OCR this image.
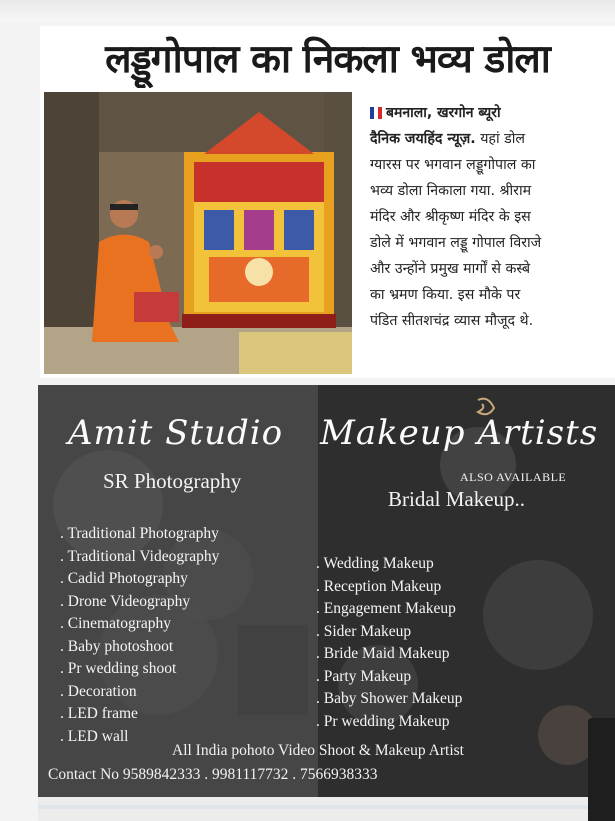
लड्डूगोपाल का निकला भव्य डोला
बमनाला, खरगोन ब्यूरो
दैनिक जयहिंद न्यूज़. यहां डोल
ग्यारस पर भगवान लड्डूगोपाल का
भव्य डोला निकाला गया. श्रीराम
मंदिर और श्रीकृष्ण मंदिर के इस
डोले में भगवान लड्डू गोपाल विराजे
और उन्होंने प्रमुख मार्गों से कस्बे
का भ्रमण किया. इस मौके पर
पंडित सीतशचंद्र व्यास मौजूद थे.
Amit Studio Makeup Artists
SR Photography	ALSO AVAILABLE
Bridal Makeup..
. Traditional Photography
. Traditional Videography
. Cadid Photography
. Drone Videography
. Cinematography
. Baby photoshoot
. Pr wedding shoot
. Decoration
. LED frame
. LED wall
. Wedding Makeup
. Reception Makeup
. Engagement Makeup
. Sider Makeup
. Bride Maid Makeup
. Party Makeup
. Baby Shower Makeup
. Pr wedding Makeup
All India pohoto Video Shoot & Makeup Artist
Contact No 9589842333 . 9981117732 . 7566938333
